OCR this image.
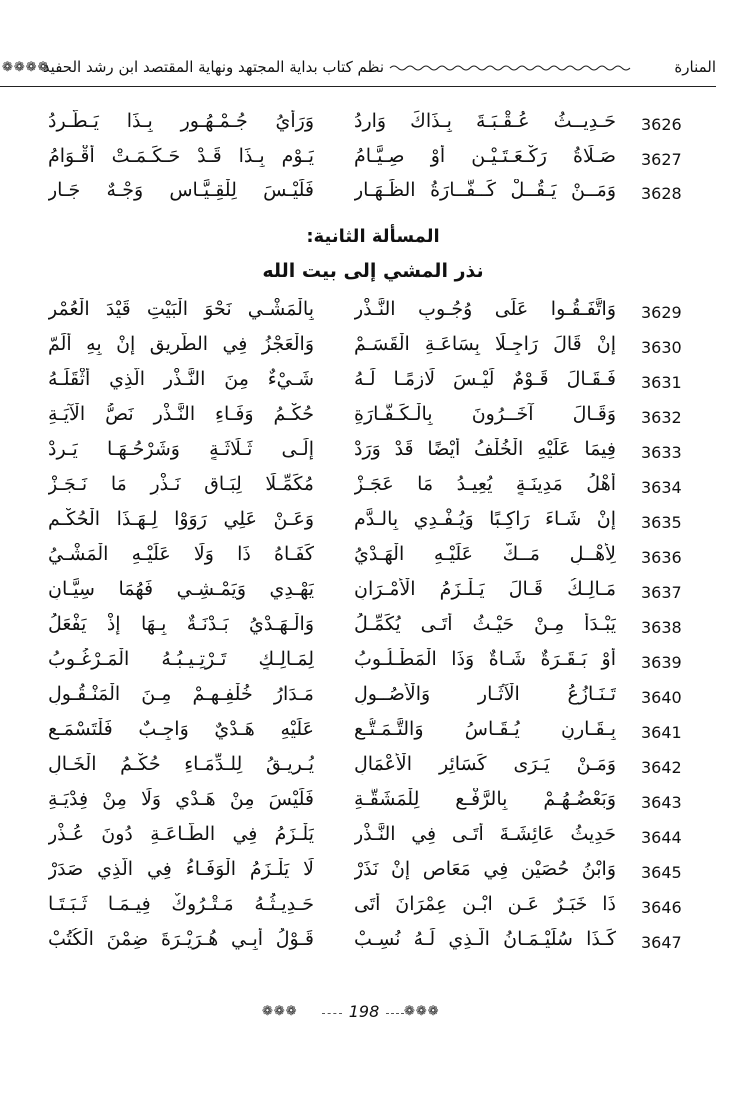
❁❁❁❁
نظم كتاب بداية المجتهد ونهاية المقتصد ابن رشد الحفيد	المنارة
3626
حَـدِيــثُ عُـقْـبَـةَ بِـذَاكَ وَارِدُ
وَرَأْيُ جُـمْـهُـورٍ بِـذَا يَـطَّـرِدُ
3627
صَـلَاةُ رَكْـعَـتَـيْـنِ أَوْ صِـيَّـامُ
يَـوْمٍ بِـذَا قَـدْ حَـكَـمَـتْ أَقْـوَامُ
3628
وَمَــنْ يَـقُــلْ كَــفَّــارَةُ الظِّـهَـارِ
فَلَيْـسَ لِلْقِـيَّـاسِ وَجْـهٌ جَـارِ
المسألة الثانية:
نذر المشي إلى بيت الله
3629
وَاتَّفَـقُـوا عَلَى وُجُـوبِ النَّـذْرِ
بِالْمَشْـيِ نَحْوَ الْبَيْتِ قَيْدَ الْعُمْرِ
3630
إِنْ قَالَ رَاجِـلًا بِسَاعَـةِ الْقَسَـمْ
وَالْعَجْزُ فِي الطَّرِيقِ إِنْ بِهِ أَلَمّ
3631
فَـقَـالَ قَـوْمٌ لَيْـسَ لَازِمًـا لَـهُ
شَـيْءٌ مِنَ النَّـذْرِ الَّذِي أَثْقَلَـهُ
3632
وَقَـالَ آخَــرُونَ بِالْـكَـفَّـارَةِ
حُكْـمُ وَفَـاءِ النَّـذْرِ نَصُّ الْآيَـةِ
3633
فِيمَا عَلَيْهِ الْخُلْفُ أَيْضًا قَدْ وَرَدْ
إِلَـى ثَـلَاثَـةٍ وَشَرْحُـهَـا يَـرِدْ
3634
أَهْلُ مَدِينَـةٍ يُعِيـدُ مَا عَجَـزْ
مُكَمِّـلًا لِبَـاقِ نَـذْرٍ مَا نَـجَـزْ
3635
إِنْ شَـاءَ رَاكِـبًا وَيُـفْـدِي بِالـدَّمِ
وَعَـنْ عَلِي رَوَوْا لِـهَـذَا الْحُكْـمِ
3636
لِأَهْــلِ مَــكَّ عَلَيْـهِ الْهَـدْيُ
كَفَـاهُ ذَا وَلَا عَلَيْـهِ الْمَشْـيُ
3637
مَـالِـكُ قَـالَ يَـلْـزَمُ الْأَمْـرَانِ
يَهْـدِي وَيَمْـشِـي فَهُمَا سِيَّـانِ
3638
يَبْـدَأُ مِـنْ حَيْـثُ أَتَـى يُكَمِّـلُ
وَالْـهَـدْيُ بَـدْنَـةٌ بِـهَا إِذْ يَفْعَلُ
3639
أَوْ بَـقَـرَةٌ شَـاةٌ وَذَا الْمَطْـلُـوبُ
لِمَـالِـكٍ تَـرْتِـيـبُـهُ الْمَـرْغُـوبُ
3640
تَـنَـازُعُ الْآثَـارِ وَالْأُصُــولِ
مَـدَارُ خُلْفِـهِـمْ مِـنَ الْمَنْـقُـولِ
3641
بِـقَـارِنٍ يُـقَـاسُ وَالتَّـمَـتُّـعِ
عَلَيْهِ هَـدْيٌ وَاجِـبٌ فَلْتَسْمَـعِ
3642
وَمَـنْ يَـرَى كَسَائِرِ الْأَعْمَالِ
يُـرِيـقُ لِلـدِّمَـاءِ حُكْـمُ الْخَـالِ
3643
وَبَعْضُـهُـمْ بِالرَّفْـعِ لِلْمَشَقَّـةِ
فَلَيْسَ مِنْ هَـدْيٍ وَلَا مِنْ فِدْيَـةِ
3644
حَدِيثُ عَائِشَـةَ أَتَـى فِي النَّـذْرِ
يَلْـزَمُ فِي الطَّـاعَـةِ دُونَ عُـذْرِ
3645
وَابْنُ حُصَيْنٍ فِي مَعَاصٍ إِنْ نَذَرْ
لَا يَلْـزَمُ الْوَفَـاءُ فِي الَّذِي صَدَرْ
3646
ذَا خَبَـرٌ عَـنِ ابْـنِ عِمْرَانَ أَتَى
حَـدِيـثُـهُ مَـتْـرُوكٌ فِيـمَـا ثَـبَـتَـا
3647
كَـذَا سُلَيْـمَـانُ الَّـذِي لَـهُ نُسِـبْ
قَـوْلُ أَبِـي هُـرَيْـرَةَ ضِمْنَ الْكُتُبْ
❁❁❁	198	❁❁❁
